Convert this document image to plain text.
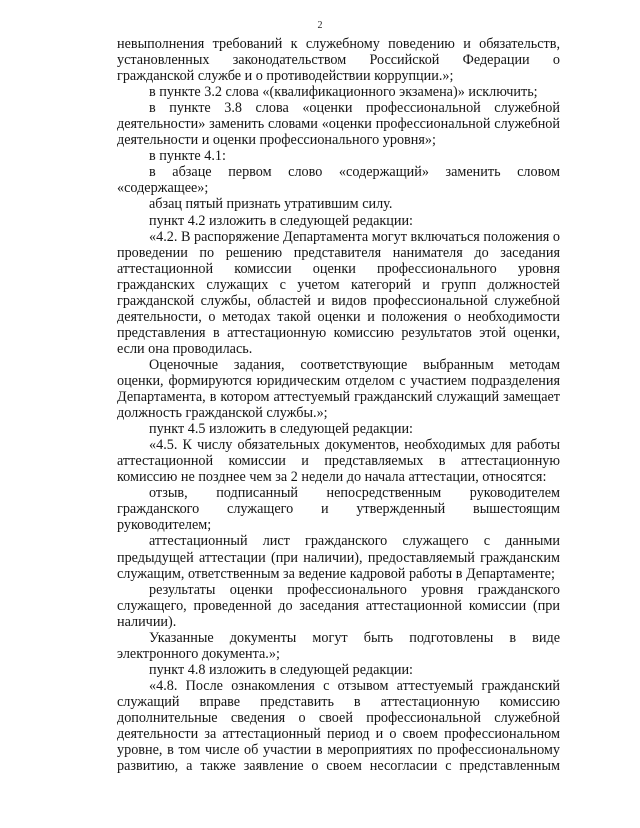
2

невыполнения требований к служебному поведению и обязательств, установленных законодательством Российской Федерации о гражданской службе и о противодействии коррупции.»;

в пункте 3.2 слова «(квалификационного экзамена)» исключить;

в пункте 3.8 слова «оценки профессиональной служебной деятельности» заменить словами «оценки профессиональной служебной деятельности и оценки профессионального уровня»;

в пункте 4.1:

в абзаце первом слово «содержащий» заменить словом «содержащее»;

абзац пятый признать утратившим силу.

пункт 4.2 изложить в следующей редакции:

«4.2. В распоряжение Департамента могут включаться положения о проведении по решению представителя нанимателя до заседания аттестационной комиссии оценки профессионального уровня гражданских служащих с учетом категорий и групп должностей гражданской службы, областей и видов профессиональной служебной деятельности, о методах такой оценки и положения о необходимости представления в аттестационную комиссию результатов этой оценки, если она проводилась.

Оценочные задания, соответствующие выбранным методам оценки, формируются юридическим отделом с участием подразделения Департамента, в котором аттестуемый гражданский служащий замещает должность гражданской службы.»;

пункт 4.5 изложить в следующей редакции:

«4.5. К числу обязательных документов, необходимых для работы аттестационной комиссии и представляемых в аттестационную комиссию не позднее чем за 2 недели до начала аттестации, относятся:

отзыв, подписанный непосредственным руководителем гражданского служащего и утвержденный вышестоящим руководителем;

аттестационный лист гражданского служащего с данными предыдущей аттестации (при наличии), предоставляемый гражданским служащим, ответственным за ведение кадровой работы в Департаменте;

результаты оценки профессионального уровня гражданского служащего, проведенной до заседания аттестационной комиссии (при наличии).

Указанные документы могут быть подготовлены в виде электронного документа.»;

пункт 4.8 изложить в следующей редакции:

«4.8. После ознакомления с отзывом аттестуемый гражданский служащий вправе представить в аттестационную комиссию дополнительные сведения о своей профессиональной служебной деятельности за аттестационный период и о своем профессиональном уровне, в том числе об участии в мероприятиях по профессиональному развитию, а также заявление о своем несогласии с представленным
